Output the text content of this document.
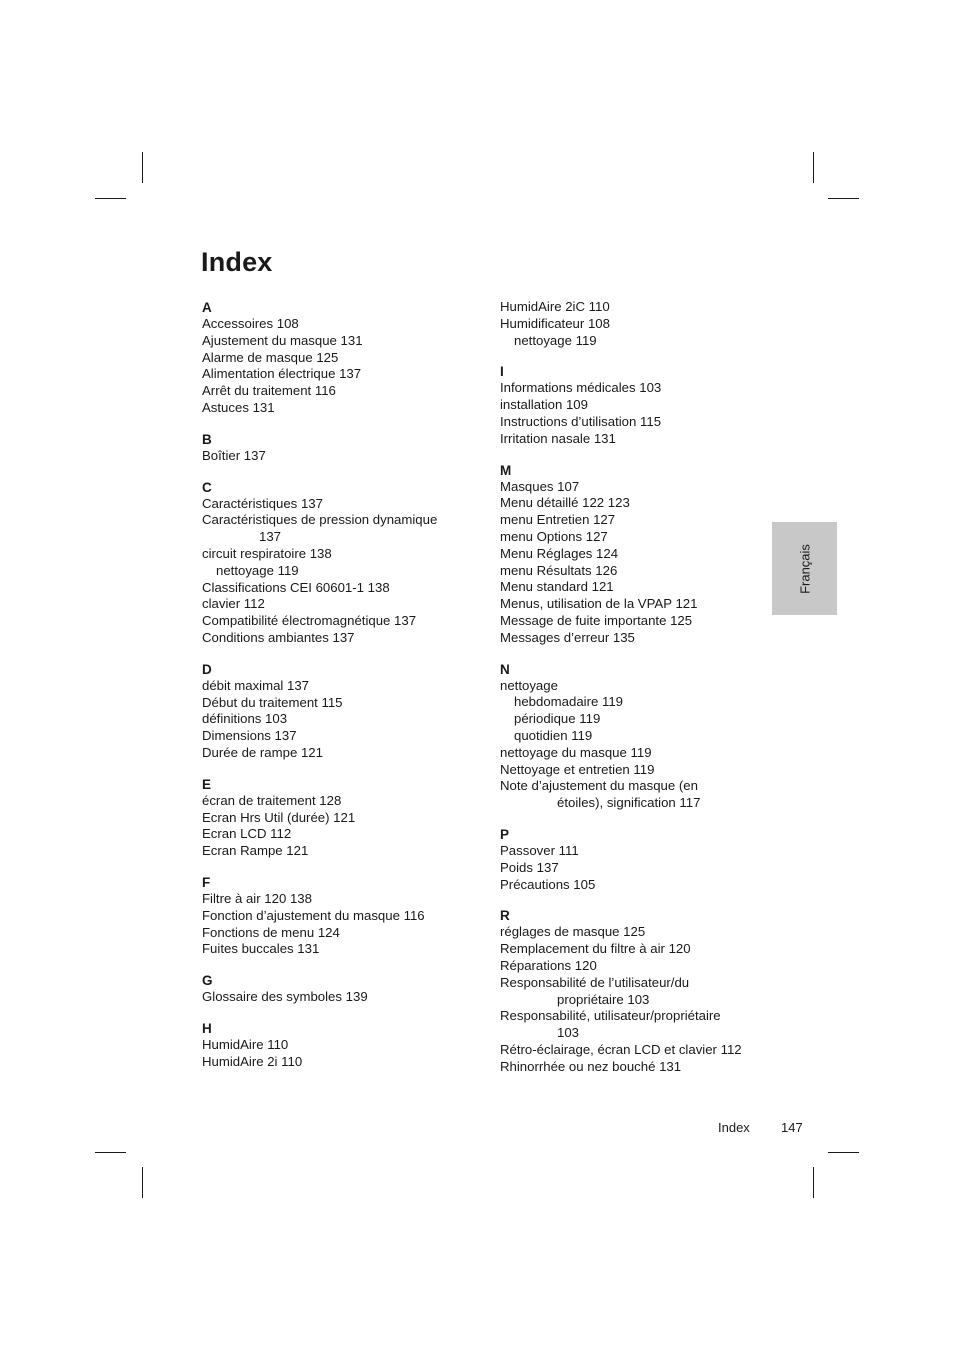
Index
A
Accessoires 108
Ajustement du masque 131
Alarme de masque 125
Alimentation électrique 137
Arrêt du traitement 116
Astuces 131
B
Boîtier 137
C
Caractéristiques 137
Caractéristiques de pression dynamique
137
circuit respiratoire 138
nettoyage 119
Classifications CEI 60601-1 138
clavier 112
Compatibilité électromagnétique 137
Conditions ambiantes 137
D
débit maximal 137
Début du traitement 115
définitions 103
Dimensions 137
Durée de rampe 121
E
écran de traitement 128
Ecran Hrs Util (durée) 121
Ecran LCD 112
Ecran Rampe 121
F
Filtre à air 120 138
Fonction d’ajustement du masque 116
Fonctions de menu 124
Fuites buccales 131
G
Glossaire des symboles 139
H
HumidAire 110
HumidAire 2i 110
HumidAire 2iC 110
Humidificateur 108
nettoyage 119
I
Informations médicales 103
installation 109
Instructions d’utilisation 115
Irritation nasale 131
M
Masques 107
Menu détaillé 122 123
menu Entretien 127
menu Options 127
Menu Réglages 124
menu Résultats 126
Menu standard 121
Menus, utilisation de la VPAP 121
Message de fuite importante 125
Messages d’erreur 135
N
nettoyage
hebdomadaire 119
périodique 119
quotidien 119
nettoyage du masque 119
Nettoyage et entretien 119
Note d’ajustement du masque (en
étoiles), signification 117
P
Passover 111
Poids 137
Précautions 105
R
réglages de masque 125
Remplacement du filtre à air 120
Réparations 120
Responsabilité de l’utilisateur/du
propriétaire 103
Responsabilité, utilisateur/propriétaire
103
Rétro-éclairage, écran LCD et clavier 112
Rhinorrhée ou nez bouché 131
Français
Index 147
